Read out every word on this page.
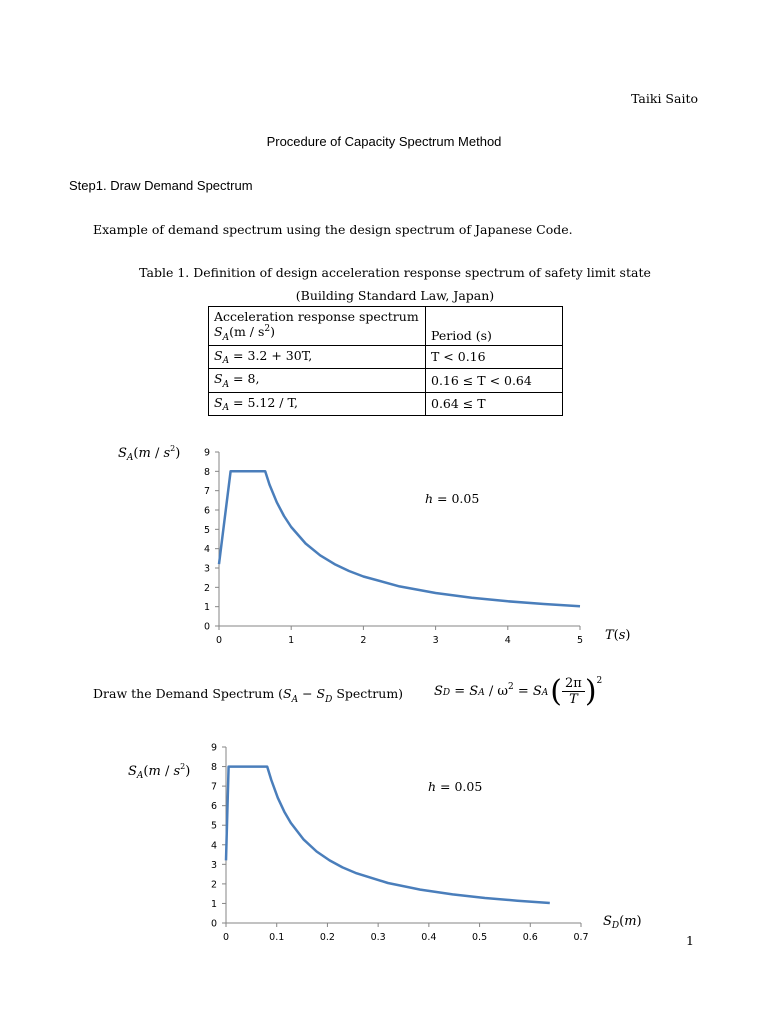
Taiki Saito
Procedure of Capacity Spectrum Method
Step1. Draw Demand Spectrum
Example of demand spectrum using the design spectrum of Japanese Code.
Table 1. Definition of design acceleration response spectrum of safety limit state
(Building Standard Law, Japan)
Acceleration response spectrum
$S_A(m / s^2)$	Period (s)
$S_A = 3.2 + 30T$,	T < 0.16
$S_A = 8$,	0.16 ≤ T < 0.64
$S_A = 5.12 / T$,	0.64 ≤ T
0
1
2
3
4
5
6
7
8
9
0	1	2	3	4	5
$S_A(m / s^2)$
T(s)
h = 0.05
Draw the Demand Spectrum ($S_A - S_D$ Spectrum) S D = S $A / \omega^2 = S$ A ( 2π
T )$^2$
0
1
2
3
4
5
6
7
8
9
0	0.1	0.2	0.3	0.4	0.5	0.6	0.7
$S_A(m / s^2)$
$S_D(m)$
h = 0.05
1
